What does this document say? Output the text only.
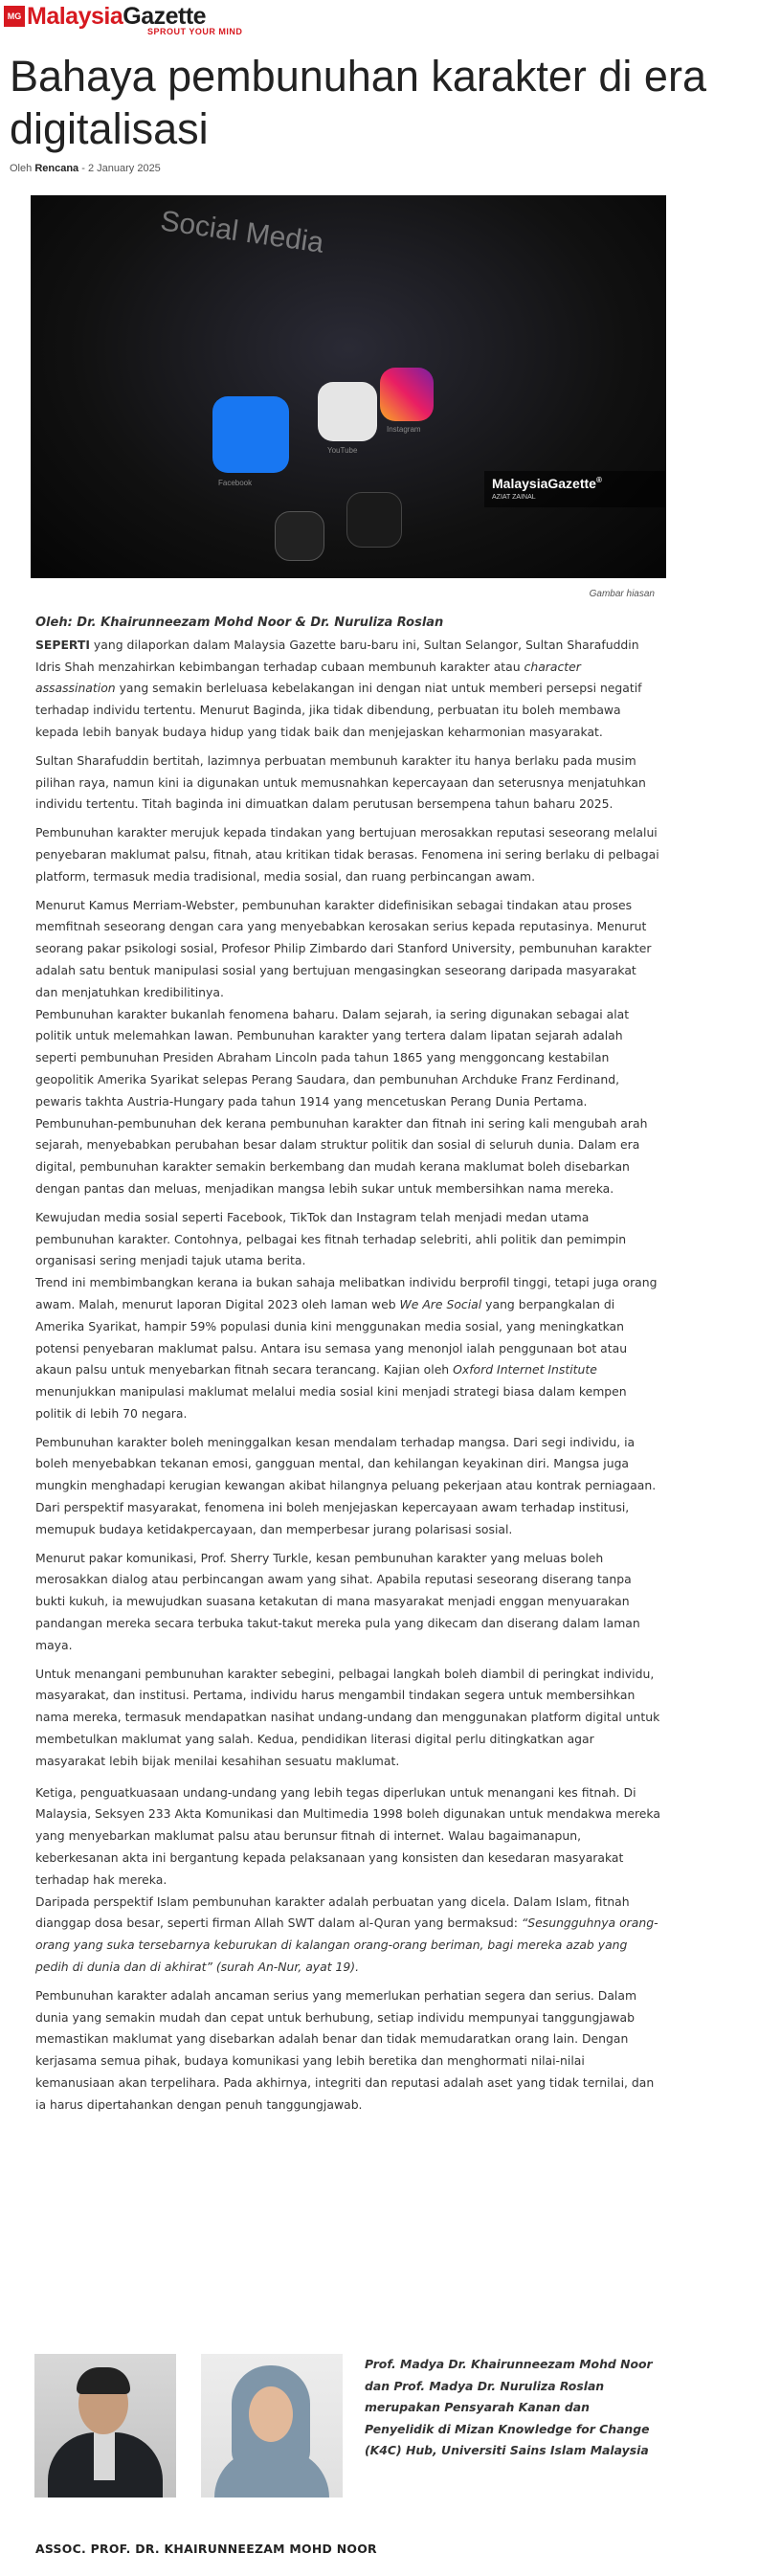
MG MalaysiaGazette
SPROUT YOUR MIND
Bahaya pembunuhan karakter di era digitalisasi
Oleh Rencana - 2 January 2025
Social Media
Facebook
YouTube
Instagram
MalaysiaGazette®
AZIAT ZAINAL
Gambar hiasan

Oleh: Dr. Khairunneezam Mohd Noor & Dr. Nuruliza Roslan

SEPERTI yang dilaporkan dalam Malaysia Gazette baru-baru ini, Sultan Selangor, Sultan Sharafuddin Idris Shah menzahirkan kebimbangan terhadap cubaan membunuh karakter atau character assassination yang semakin berleluasa kebelakangan ini dengan niat untuk memberi persepsi negatif terhadap individu tertentu. Menurut Baginda, jika tidak dibendung, perbuatan itu boleh membawa kepada lebih banyak budaya hidup yang tidak baik dan menjejaskan keharmonian masyarakat.

Sultan Sharafuddin bertitah, lazimnya perbuatan membunuh karakter itu hanya berlaku pada musim pilihan raya, namun kini ia digunakan untuk memusnahkan kepercayaan dan seterusnya menjatuhkan individu tertentu. Titah baginda ini dimuatkan dalam perutusan bersempena tahun baharu 2025.

Pembunuhan karakter merujuk kepada tindakan yang bertujuan merosakkan reputasi seseorang melalui penyebaran maklumat palsu, fitnah, atau kritikan tidak berasas. Fenomena ini sering berlaku di pelbagai platform, termasuk media tradisional, media sosial, dan ruang perbincangan awam.

Menurut Kamus Merriam-Webster, pembunuhan karakter didefinisikan sebagai tindakan atau proses memfitnah seseorang dengan cara yang menyebabkan kerosakan serius kepada reputasinya. Menurut seorang pakar psikologi sosial, Profesor Philip Zimbardo dari Stanford University, pembunuhan karakter adalah satu bentuk manipulasi sosial yang bertujuan mengasingkan seseorang daripada masyarakat dan menjatuhkan kredibilitinya.

Pembunuhan karakter bukanlah fenomena baharu. Dalam sejarah, ia sering digunakan sebagai alat politik untuk melemahkan lawan. Pembunuhan karakter yang tertera dalam lipatan sejarah adalah seperti pembunuhan Presiden Abraham Lincoln pada tahun 1865 yang menggoncang kestabilan geopolitik Amerika Syarikat selepas Perang Saudara, dan pembunuhan Archduke Franz Ferdinand, pewaris takhta Austria-Hungary pada tahun 1914 yang mencetuskan Perang Dunia Pertama.

Pembunuhan-pembunuhan dek kerana pembunuhan karakter dan fitnah ini sering kali mengubah arah sejarah, menyebabkan perubahan besar dalam struktur politik dan sosial di seluruh dunia. Dalam era digital, pembunuhan karakter semakin berkembang dan mudah kerana maklumat boleh disebarkan dengan pantas dan meluas, menjadikan mangsa lebih sukar untuk membersihkan nama mereka.

Kewujudan media sosial seperti Facebook, TikTok dan Instagram telah menjadi medan utama pembunuhan karakter. Contohnya, pelbagai kes fitnah terhadap selebriti, ahli politik dan pemimpin organisasi sering menjadi tajuk utama berita.

Trend ini membimbangkan kerana ia bukan sahaja melibatkan individu berprofil tinggi, tetapi juga orang awam. Malah, menurut laporan Digital 2023 oleh laman web We Are Social yang berpangkalan di Amerika Syarikat, hampir 59% populasi dunia kini menggunakan media sosial, yang meningkatkan potensi penyebaran maklumat palsu. Antara isu semasa yang menonjol ialah penggunaan bot atau akaun palsu untuk menyebarkan fitnah secara terancang. Kajian oleh Oxford Internet Institute menunjukkan manipulasi maklumat melalui media sosial kini menjadi strategi biasa dalam kempen politik di lebih 70 negara.

Pembunuhan karakter boleh meninggalkan kesan mendalam terhadap mangsa. Dari segi individu, ia boleh menyebabkan tekanan emosi, gangguan mental, dan kehilangan keyakinan diri. Mangsa juga mungkin menghadapi kerugian kewangan akibat hilangnya peluang pekerjaan atau kontrak perniagaan. Dari perspektif masyarakat, fenomena ini boleh menjejaskan kepercayaan awam terhadap institusi, memupuk budaya ketidakpercayaan, dan memperbesar jurang polarisasi sosial.

Menurut pakar komunikasi, Prof. Sherry Turkle, kesan pembunuhan karakter yang meluas boleh merosakkan dialog atau perbincangan awam yang sihat. Apabila reputasi seseorang diserang tanpa bukti kukuh, ia mewujudkan suasana ketakutan di mana masyarakat menjadi enggan menyuarakan pandangan mereka secara terbuka takut-takut mereka pula yang dikecam dan diserang dalam laman maya.

Untuk menangani pembunuhan karakter sebegini, pelbagai langkah boleh diambil di peringkat individu, masyarakat, dan institusi. Pertama, individu harus mengambil tindakan segera untuk membersihkan nama mereka, termasuk mendapatkan nasihat undang-undang dan menggunakan platform digital untuk membetulkan maklumat yang salah. Kedua, pendidikan literasi digital perlu ditingkatkan agar masyarakat lebih bijak menilai kesahihan sesuatu maklumat.

Ketiga, penguatkuasaan undang-undang yang lebih tegas diperlukan untuk menangani kes fitnah. Di Malaysia, Seksyen 233 Akta Komunikasi dan Multimedia 1998 boleh digunakan untuk mendakwa mereka yang menyebarkan maklumat palsu atau berunsur fitnah di internet. Walau bagaimanapun, keberkesanan akta ini bergantung kepada pelaksanaan yang konsisten dan kesedaran masyarakat terhadap hak mereka.

Daripada perspektif Islam pembunuhan karakter adalah perbuatan yang dicela. Dalam Islam, fitnah dianggap dosa besar, seperti firman Allah SWT dalam al-Quran yang bermaksud: “Sesungguhnya orang-orang yang suka tersebarnya keburukan di kalangan orang-orang beriman, bagi mereka azab yang pedih di dunia dan di akhirat” (surah An-Nur, ayat 19).

Pembunuhan karakter adalah ancaman serius yang memerlukan perhatian segera dan serius. Dalam dunia yang semakin mudah dan cepat untuk berhubung, setiap individu mempunyai tanggungjawab memastikan maklumat yang disebarkan adalah benar dan tidak memudaratkan orang lain. Dengan kerjasama semua pihak, budaya komunikasi yang lebih beretika dan menghormati nilai-nilai kemanusiaan akan terpelihara. Pada akhirnya, integriti dan reputasi adalah aset yang tidak ternilai, dan ia harus dipertahankan dengan penuh tanggungjawab.

Prof. Madya Dr. Khairunneezam Mohd Noor dan Prof. Madya Dr. Nuruliza Roslan merupakan Pensyarah Kanan dan Penyelidik di Mizan Knowledge for Change (K4C) Hub, Universiti Sains Islam Malaysia

ASSOC. PROF. DR. KHAIRUNNEEZAM MOHD NOOR
